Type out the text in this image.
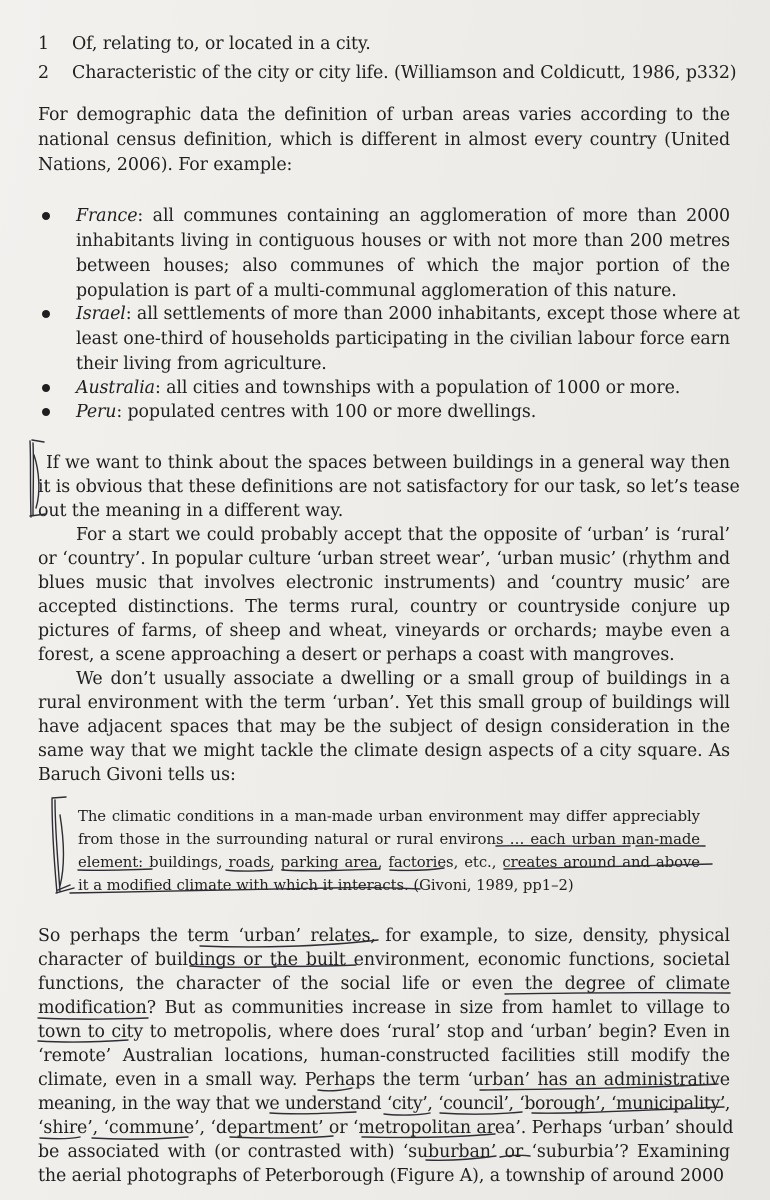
1 Of, relating to, or located in a city.
2 Characteristic of the city or city life. (Williamson and Coldicutt, 1986, p332)
For demographic data the definition of urban areas varies according to the
national census definition, which is different in almost every country (United
Nations, 2006). For example:
France: all communes containing an agglomeration of more than 2000
inhabitants living in contiguous houses or with not more than 200 metres
between houses; also communes of which the major portion of the
population is part of a multi-communal agglomeration of this nature.
Israel: all settlements of more than 2000 inhabitants, except those where at
least one-third of households participating in the civilian labour force earn
their living from agriculture.
Australia: all cities and townships with a population of 1000 or more.
Peru: populated centres with 100 or more dwellings.
If we want to think about the spaces between buildings in a general way then
it is obvious that these definitions are not satisfactory for our task, so let’s tease
out the meaning in a different way.
For a start we could probably accept that the opposite of ‘urban’ is ‘rural’
or ‘country’. In popular culture ‘urban street wear’, ‘urban music’ (rhythm and
blues music that involves electronic instruments) and ‘country music’ are
accepted distinctions. The terms rural, country or countryside conjure up
pictures of farms, of sheep and wheat, vineyards or orchards; maybe even a
forest, a scene approaching a desert or perhaps a coast with mangroves.
We don’t usually associate a dwelling or a small group of buildings in a
rural environment with the term ‘urban’. Yet this small group of buildings will
have adjacent spaces that may be the subject of design consideration in the
same way that we might tackle the climate design aspects of a city square. As
Baruch Givoni tells us:
The climatic conditions in a man-made urban environment may differ appreciably
from those in the surrounding natural or rural environs … each urban man-made
element: buildings, roads, parking area, factories, etc., creates around and above
it a modified climate with which it interacts. (Givoni, 1989, pp1–2)
So perhaps the term ‘urban’ relates, for example, to size, density, physical
character of buildings or the built environment, economic functions, societal
functions, the character of the social life or even the degree of climate
modification? But as communities increase in size from hamlet to village to
town to city to metropolis, where does ‘rural’ stop and ‘urban’ begin? Even in
‘remote’ Australian locations, human-constructed facilities still modify the
climate, even in a small way. Perhaps the term ‘urban’ has an administrative
meaning, in the way that we understand ‘city’, ‘council’, ‘borough’, ‘municipality’,
‘shire’, ‘commune’, ‘department’ or ‘metropolitan area’. Perhaps ‘urban’ should
be associated with (or contrasted with) ‘suburban’ or ‘suburbia’? Examining
the aerial photographs of Peterborough (Figure A), a township of around 2000
